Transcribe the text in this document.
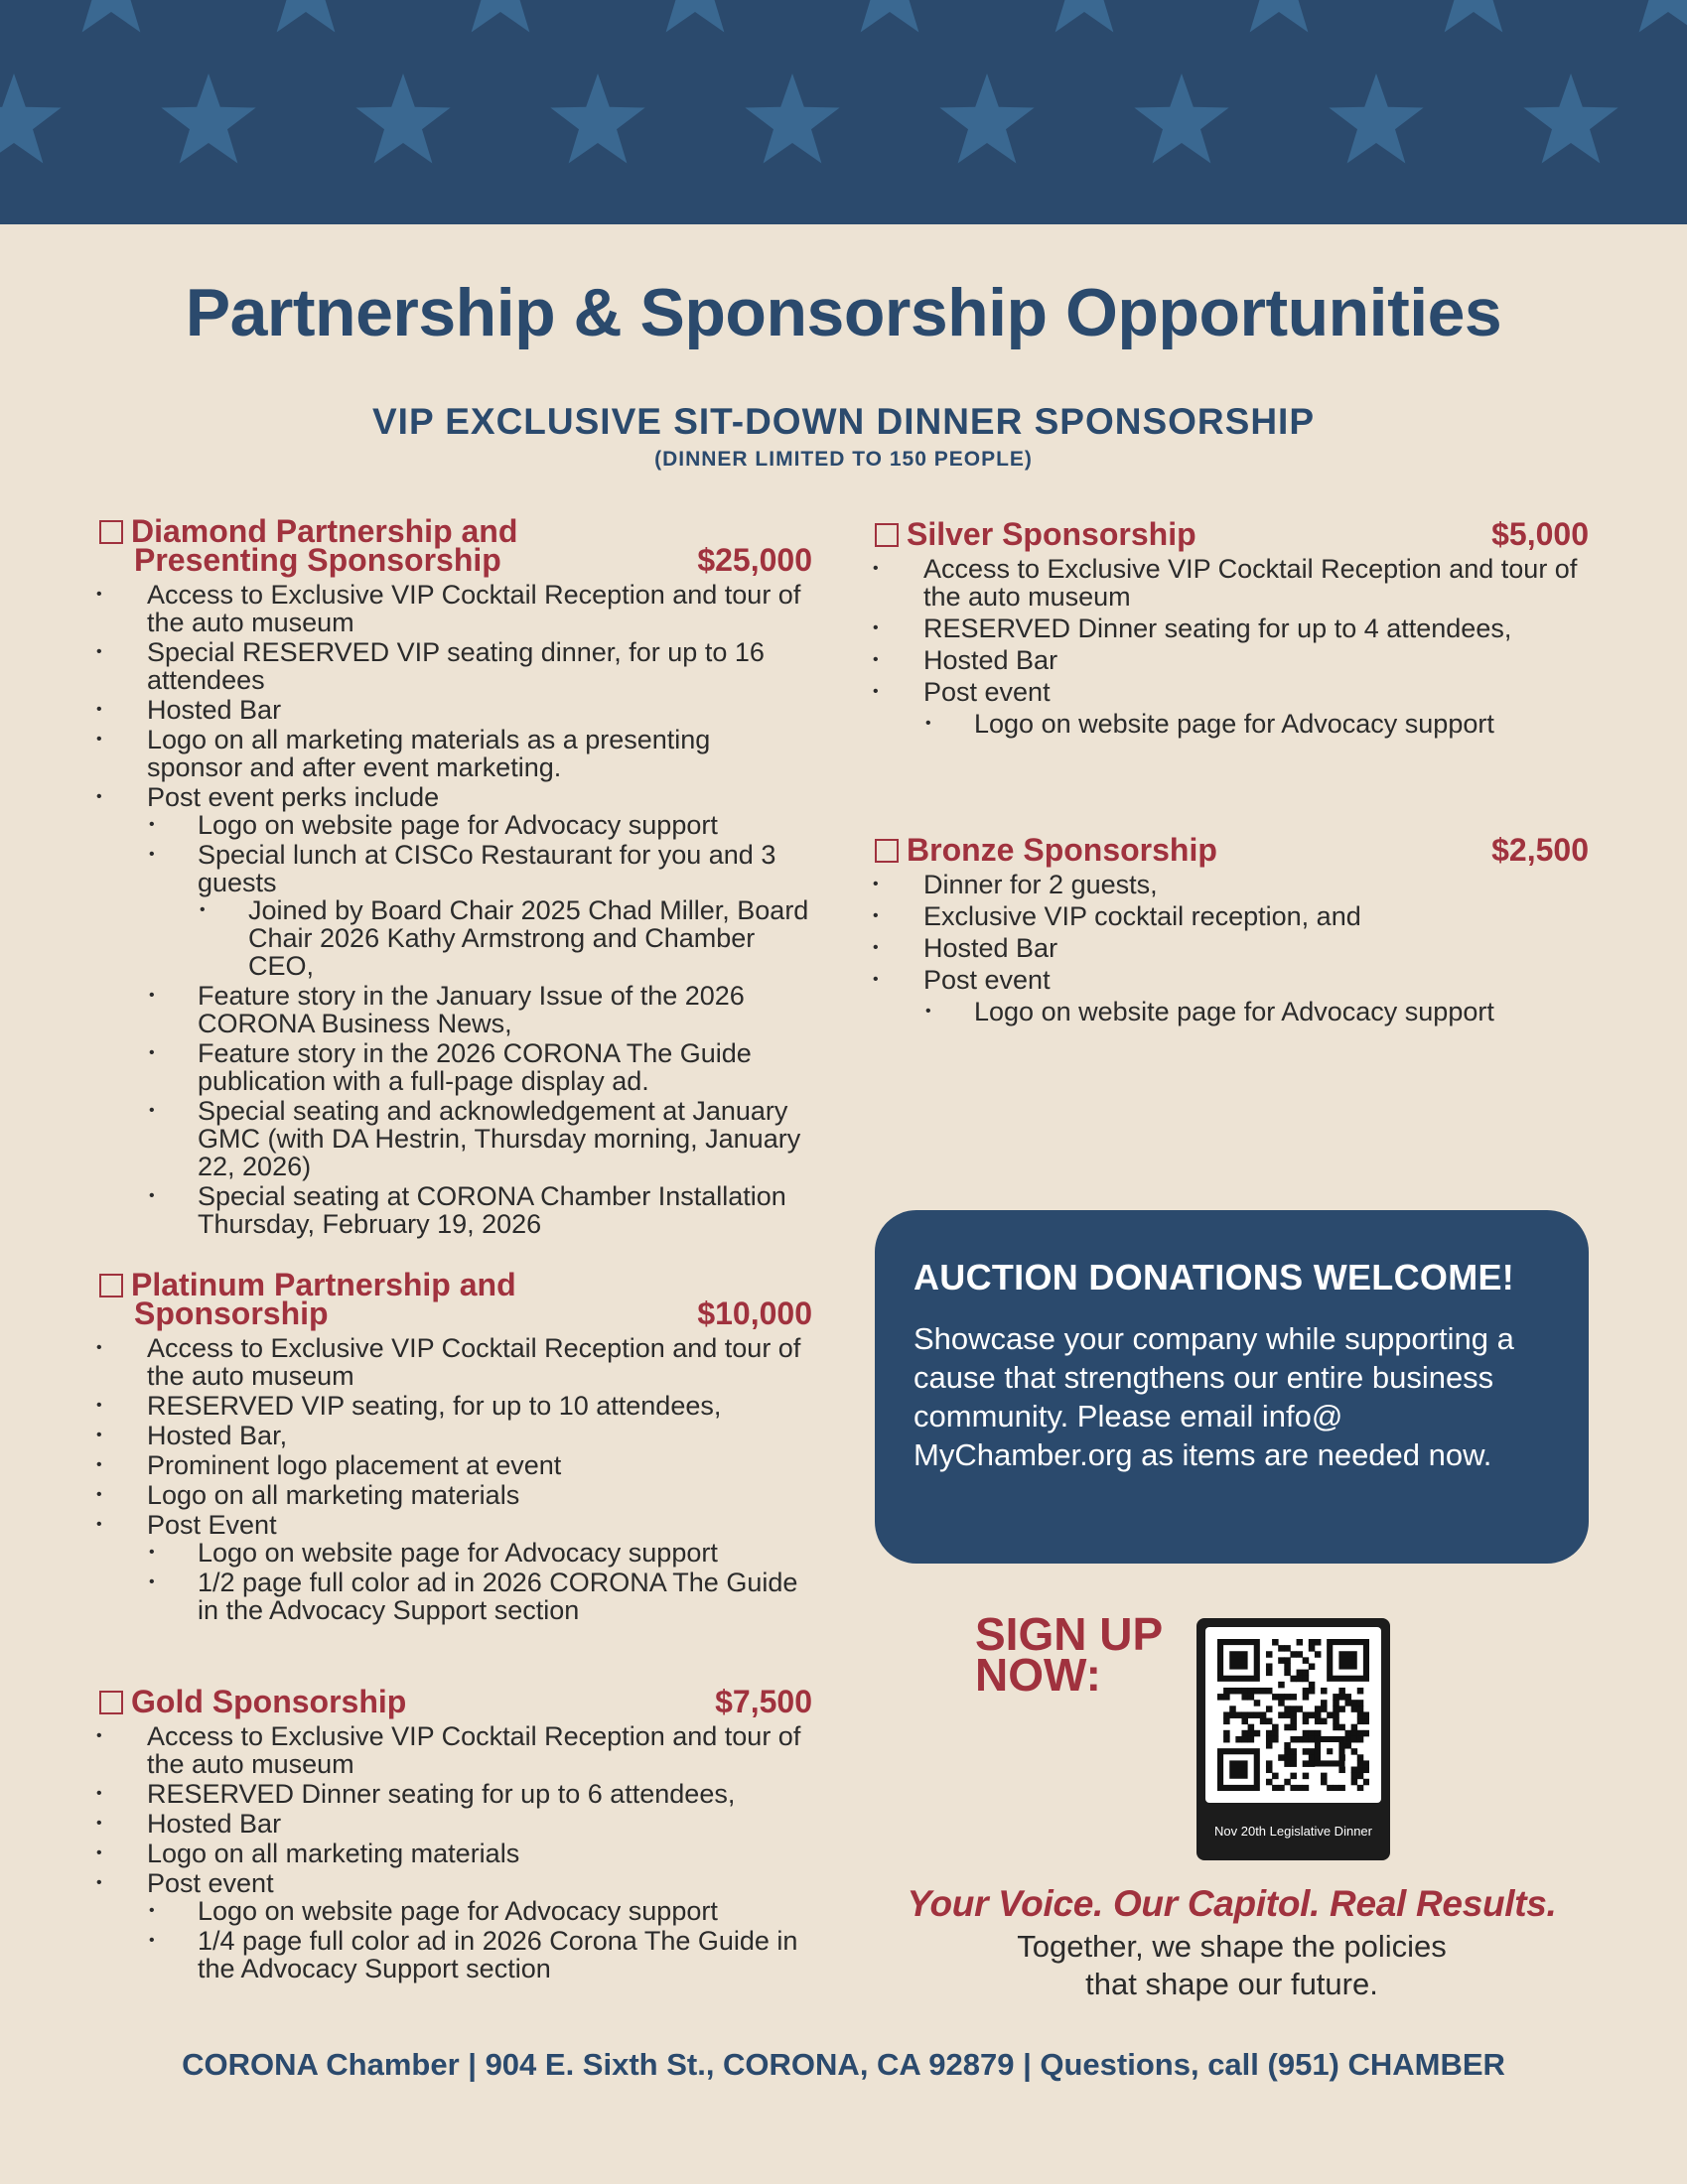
Partnership & Sponsorship Opportunities
VIP EXCLUSIVE SIT-DOWN DINNER SPONSORSHIP
(DINNER LIMITED TO 150 PEOPLE)
Diamond Partnership and
Presenting Sponsorship	$25,000
• Access to Exclusive VIP Cocktail Reception and tour of the auto museum
• Special RESERVED VIP seating dinner, for up to 16 attendees
• Hosted Bar
• Logo on all marketing materials as a presenting sponsor and after event marketing.
• Post event perks include
• Logo on website page for Advocacy support
• Special lunch at CISCo Restaurant for you and 3 guests
• Joined by Board Chair 2025 Chad Miller, Board Chair 2026 Kathy Armstrong and Chamber CEO,
• Feature story in the January Issue of the 2026 CORONA Business News,
• Feature story in the 2026 CORONA The Guide publication with a full-page display ad.
• Special seating and acknowledgement at January GMC (with DA Hestrin, Thursday morning, January 22, 2026)
• Special seating at CORONA Chamber Installation Thursday, February 19, 2026
Platinum Partnership and
Sponsorship	$10,000
• Access to Exclusive VIP Cocktail Reception and tour of the auto museum
• RESERVED VIP seating, for up to 10 attendees,
• Hosted Bar,
• Prominent logo placement at event
• Logo on all marketing materials
• Post Event
• Logo on website page for Advocacy support
• 1/2 page full color ad in 2026 CORONA The Guide in the Advocacy Support section
Gold Sponsorship	$7,500
• Access to Exclusive VIP Cocktail Reception and tour of the auto museum
• RESERVED Dinner seating for up to 6 attendees,
• Hosted Bar
• Logo on all marketing materials
• Post event
• Logo on website page for Advocacy support
• 1/4 page full color ad in 2026 Corona The Guide in the Advocacy Support section
Silver Sponsorship	$5,000
• Access to Exclusive VIP Cocktail Reception and tour of the auto museum
• RESERVED Dinner seating for up to 4 attendees,
• Hosted Bar
• Post event
• Logo on website page for Advocacy support
Bronze Sponsorship	$2,500
• Dinner for 2 guests,
• Exclusive VIP cocktail reception, and
• Hosted Bar
• Post event
• Logo on website page for Advocacy support
AUCTION DONATIONS WELCOME!
Showcase your company while supporting a cause that strengthens our entire business community. Please email info@ MyChamber.org as items are needed now.
SIGN UP
NOW:
Nov 20th Legislative Dinner
Your Voice. Our Capitol. Real Results.
Together, we shape the policies
that shape our future.
CORONA Chamber | 904 E. Sixth St., CORONA, CA 92879 | Questions, call (951) CHAMBER
